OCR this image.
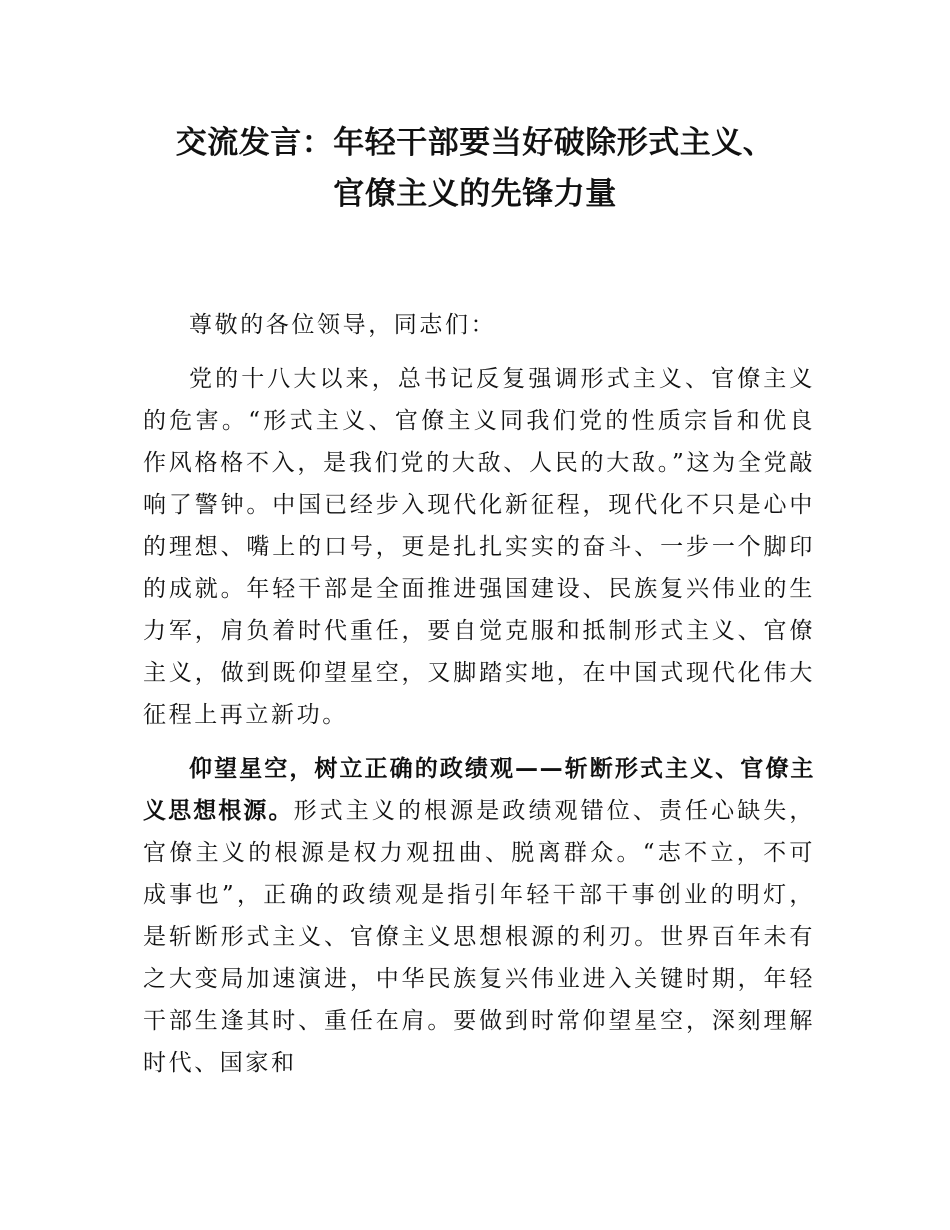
交流发言：年轻干部要当好破除形式主义、
官僚主义的先锋力量

尊敬的各位领导，同志们：

党的十八大以来，总书记反复强调形式主义、官僚主义的危害。“形式主义、官僚主义同我们党的性质宗旨和优良作风格格不入，是我们党的大敌、人民的大敌。”这为全党敲响了警钟。中国已经步入现代化新征程，现代化不只是心中的理想、嘴上的口号，更是扎扎实实的奋斗、一步一个脚印的成就。年轻干部是全面推进强国建设、民族复兴伟业的生力军，肩负着时代重任，要自觉克服和抵制形式主义、官僚主义，做到既仰望星空，又脚踏实地，在中国式现代化伟大征程上再立新功。

仰望星空，树立正确的政绩观——斩断形式主义、官僚主义思想根源。形式主义的根源是政绩观错位、责任心缺失，官僚主义的根源是权力观扭曲、脱离群众。“志不立，不可成事也”，正确的政绩观是指引年轻干部干事创业的明灯，是斩断形式主义、官僚主义思想根源的利刃。世界百年未有之大变局加速演进，中华民族复兴伟业进入关键时期，年轻干部生逢其时、重任在肩。要做到时常仰望星空，深刻理解时代、国家和
